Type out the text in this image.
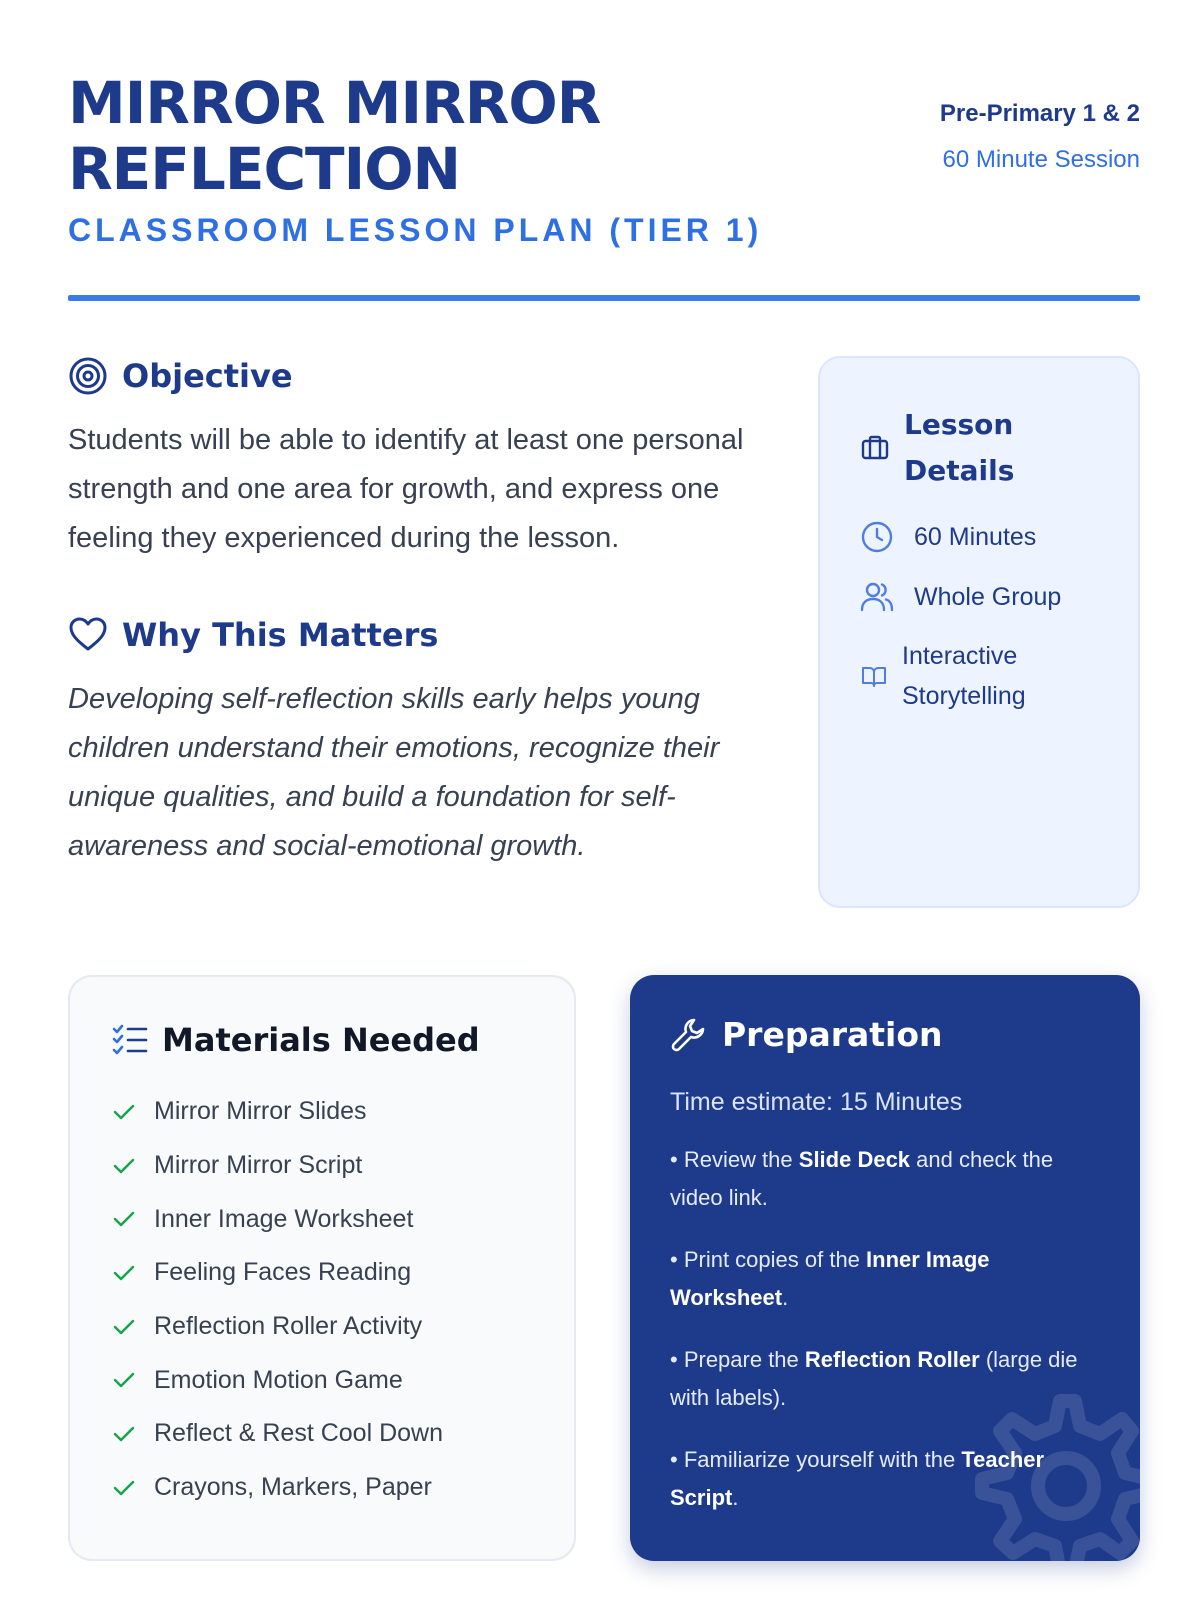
MIRROR MIRROR REFLECTION
CLASSROOM LESSON PLAN (TIER 1)
Pre-Primary 1 & 2
60 Minute Session
Objective

Students will be able to identify at least one personal strength and one area for growth, and express one feeling they experienced during the lesson.

Why This Matters

Developing self-reflection skills early helps young children understand their emotions, recognize their unique qualities, and build a foundation for self-awareness and social-emotional growth.

Lesson Details
60 Minutes
Whole Group
Interactive Storytelling
Materials Needed
Mirror Mirror Slides
Mirror Mirror Script
Inner Image Worksheet
Feeling Faces Reading
Reflection Roller Activity
Emotion Motion Game
Reflect & Rest Cool Down
Crayons, Markers, Paper
Preparation
Time estimate: 15 Minutes
• Review the Slide Deck and check the video link.
• Print copies of the Inner Image Worksheet.
• Prepare the Reflection Roller (large die with labels).
• Familiarize yourself with the Teacher Script.
